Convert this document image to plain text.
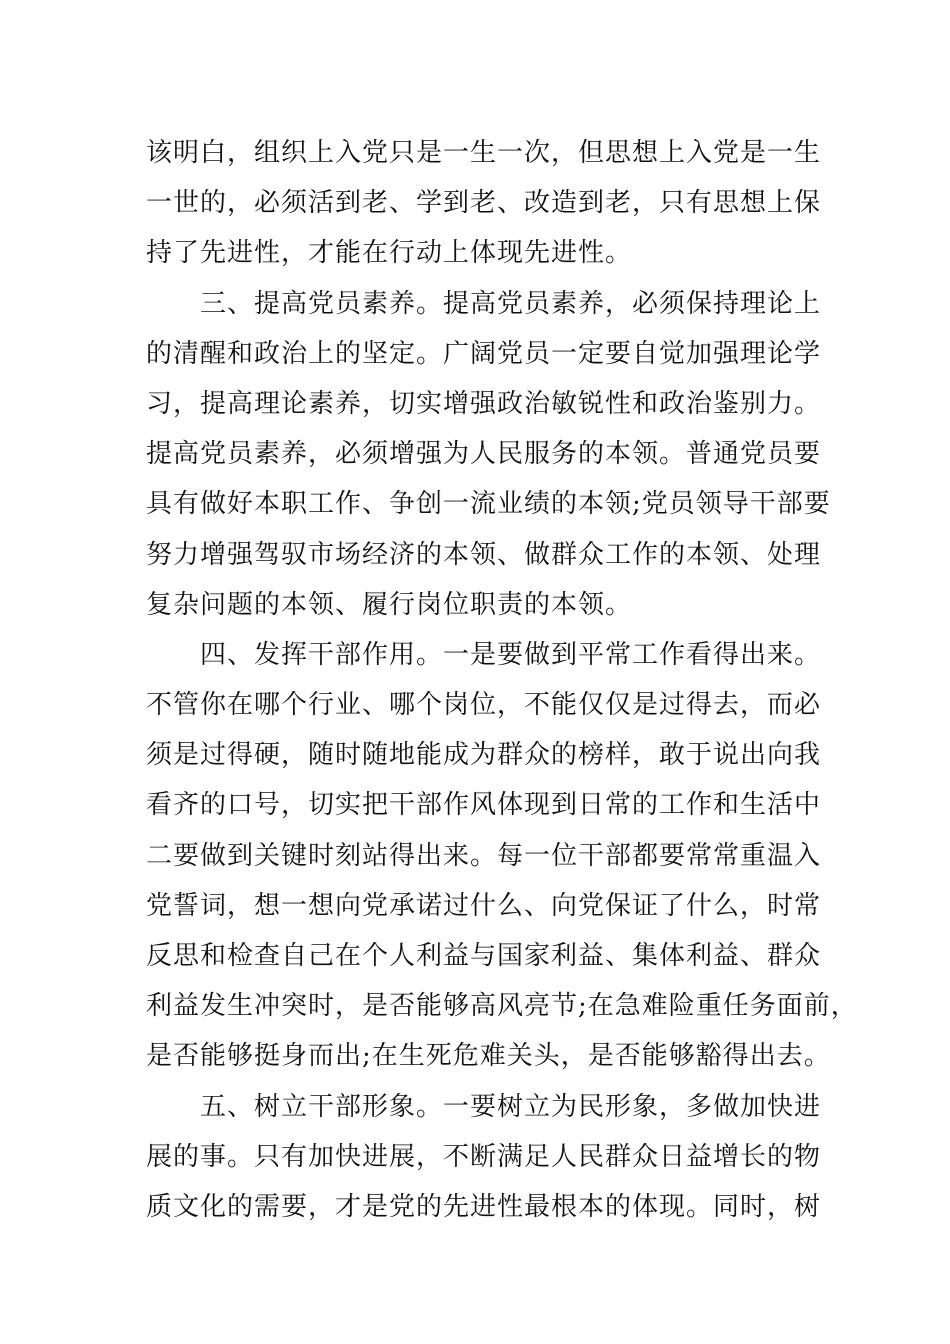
该明白，组织上入党只是一生一次，但思想上入党是一生
一世的，必须活到老、学到老、改造到老，只有思想上保
持了先进性，才能在行动上体现先进性。
三、提高党员素养。提高党员素养，必须保持理论上
的清醒和政治上的坚定。广阔党员一定要自觉加强理论学
习，提高理论素养，切实增强政治敏锐性和政治鉴别力。
提高党员素养，必须增强为人民服务的本领。普通党员要
具有做好本职工作、争创一流业绩的本领;党员领导干部要
努力增强驾驭市场经济的本领、做群众工作的本领、处理
复杂问题的本领、履行岗位职责的本领。
四、发挥干部作用。一是要做到平常工作看得出来。
不管你在哪个行业、哪个岗位，不能仅仅是过得去，而必
须是过得硬，随时随地能成为群众的榜样，敢于说出向我
看齐的口号，切实把干部作风体现到日常的工作和生活中
二要做到关键时刻站得出来。每一位干部都要常常重温入
党誓词，想一想向党承诺过什么、向党保证了什么，时常
反思和检查自己在个人利益与国家利益、集体利益、群众
利益发生冲突时，是否能够高风亮节;在急难险重任务面前，
是否能够挺身而出;在生死危难关头，是否能够豁得出去。
五、树立干部形象。一要树立为民形象，多做加快进
展的事。只有加快进展，不断满足人民群众日益增长的物
质文化的需要，才是党的先进性最根本的体现。同时，树
